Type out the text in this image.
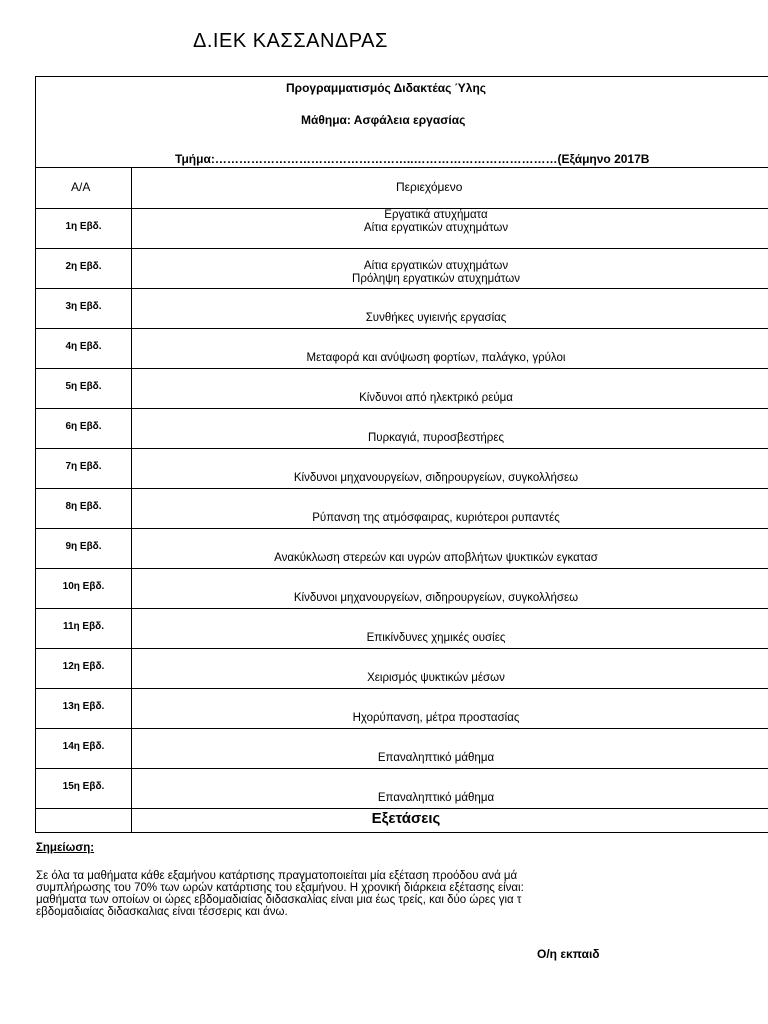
Δ.ΙΕΚ ΚΑΣΣΑΝΔΡΑΣ
Προγραμματισμός Διδακτέας Ύλης
Μάθημα: Ασφάλεια εργασίας
Τμήμα:…………………………………………..………………………………(Εξάμηνο 2017Β
Α/Α	Περιεχόμενο
1η Εβδ.
Εργατικά ατυχήματα
Αίτια εργατικών ατυχημάτων
2η Εβδ.	Αίτια εργατικών ατυχημάτων
Πρόληψη εργατικών ατυχημάτων
3η Εβδ.
Συνθήκες υγιεινής εργασίας
4η Εβδ.
Μεταφορά και ανύψωση φορτίων, παλάγκο, γρύλοι
5η Εβδ.
Κίνδυνοι από ηλεκτρικό ρεύμα
6η Εβδ.
Πυρκαγιά, πυροσβεστήρες
7η Εβδ.
Κίνδυνοι μηχανουργείων, σιδηρουργείων, συγκολλήσεω
8η Εβδ.
Ρύπανση της ατμόσφαιρας, κυριότεροι ρυπαντές
9η Εβδ.
Ανακύκλωση στερεών και υγρών αποβλήτων ψυκτικών εγκατασ
10η Εβδ.
Κίνδυνοι μηχανουργείων, σιδηρουργείων, συγκολλήσεω
11η Εβδ.
Επικίνδυνες χημικές ουσίες
12η Εβδ.
Χειρισμός ψυκτικών μέσων
13η Εβδ.
Ηχορύπανση, μέτρα προστασίας
14η Εβδ.
Επαναληπτικό μάθημα
15η Εβδ.
Επαναληπτικό μάθημα
Εξετάσεις
Σημείωση:
Σε όλα τα μαθήματα κάθε εξαμήνου κατάρτισης πραγματοποιείται μία εξέταση προόδου ανά μά
συμπλήρωσης του 70% των ωρών κατάρτισης του εξαμήνου. Η χρονική διάρκεια εξέτασης είναι:
μαθήματα των οποίων οι ώρες εβδομαδιαίας διδασκαλίας είναι μια έως τρείς, και δύο ώρες για τ
εβδομαδιαίας διδασκαλιας είναι τέσσερις και άνω.
Ο/η εκπαιδ
